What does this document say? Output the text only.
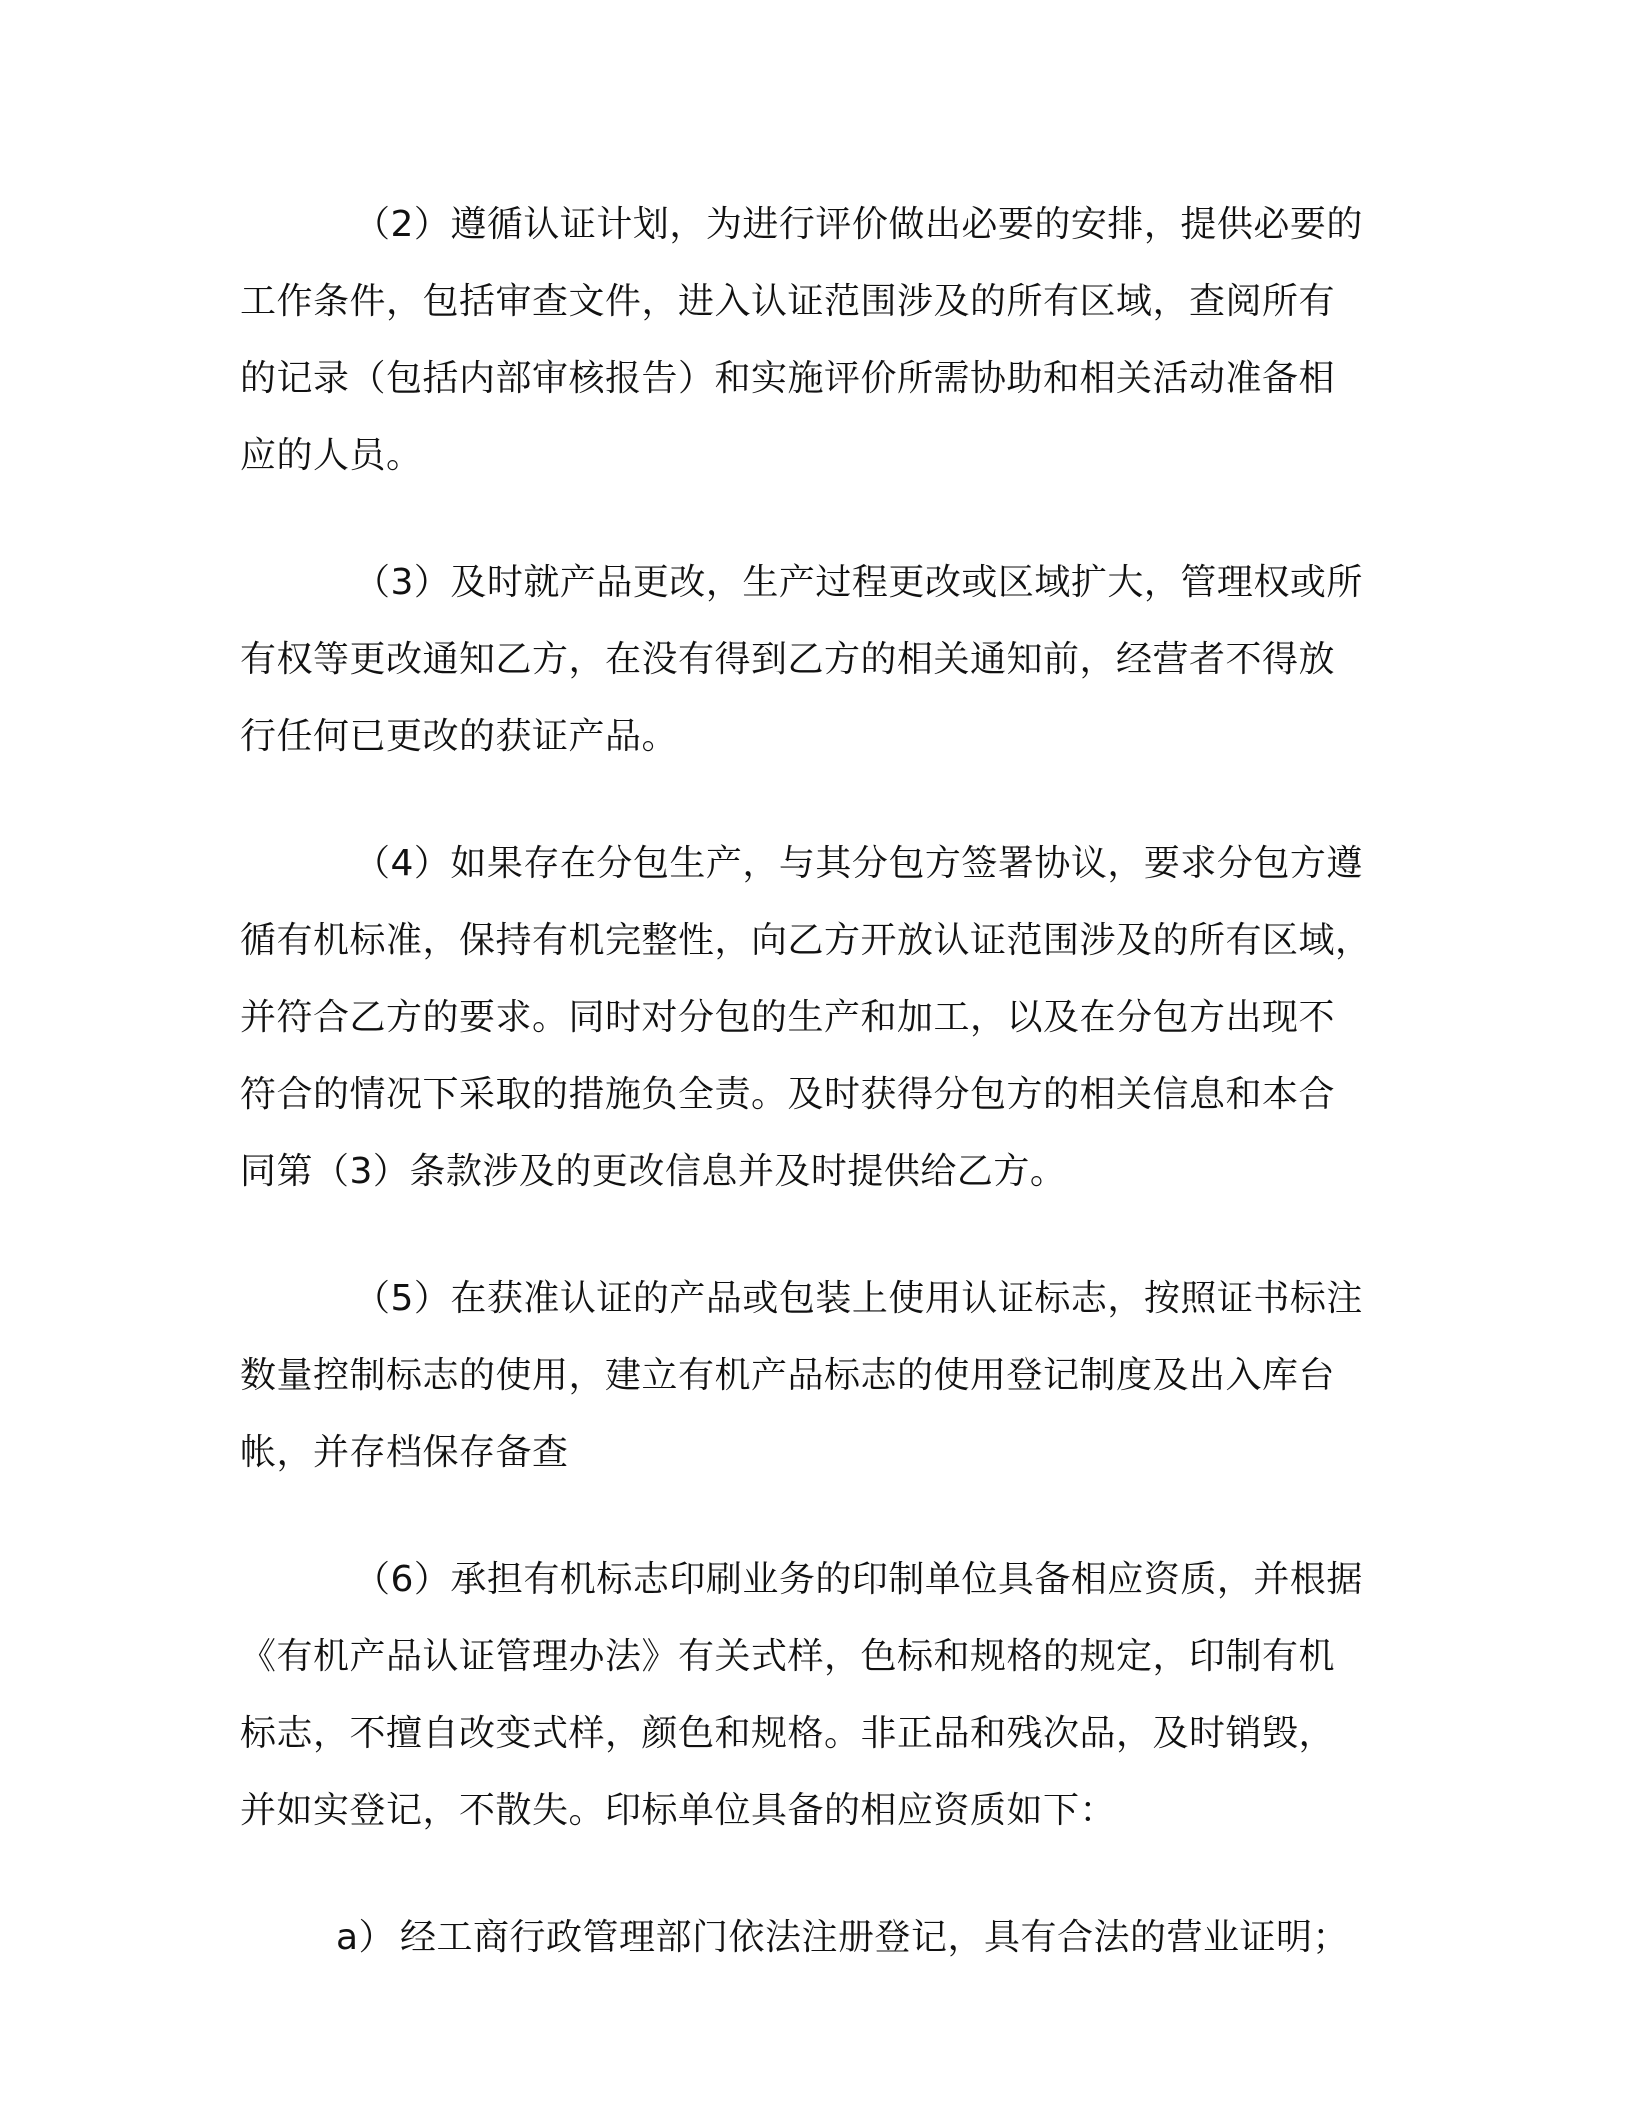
（2）遵循认证计划，为进行评价做出必要的安排，提供必要的
工作条件，包括审查文件，进入认证范围涉及的所有区域，查阅所有
的记录（包括内部审核报告）和实施评价所需协助和相关活动准备相
应的人员。
（3）及时就产品更改，生产过程更改或区域扩大，管理权或所
有权等更改通知乙方，在没有得到乙方的相关通知前，经营者不得放
行任何已更改的获证产品。
（4）如果存在分包生产，与其分包方签署协议，要求分包方遵
循有机标准，保持有机完整性，向乙方开放认证范围涉及的所有区域，
并符合乙方的要求。同时对分包的生产和加工，以及在分包方出现不
符合的情况下采取的措施负全责。及时获得分包方的相关信息和本合
同第（3）条款涉及的更改信息并及时提供给乙方。
（5）在获准认证的产品或包装上使用认证标志，按照证书标注
数量控制标志的使用，建立有机产品标志的使用登记制度及出入库台
帐，并存档保存备查
（6）承担有机标志印刷业务的印制单位具备相应资质，并根据
《有机产品认证管理办法》有关式样，色标和规格的规定，印制有机
标志，不擅自改变式样，颜色和规格。非正品和残次品，及时销毁，
并如实登记，不散失。印标单位具备的相应资质如下：
a） 经工商行政管理部门依法注册登记，具有合法的营业证明；
